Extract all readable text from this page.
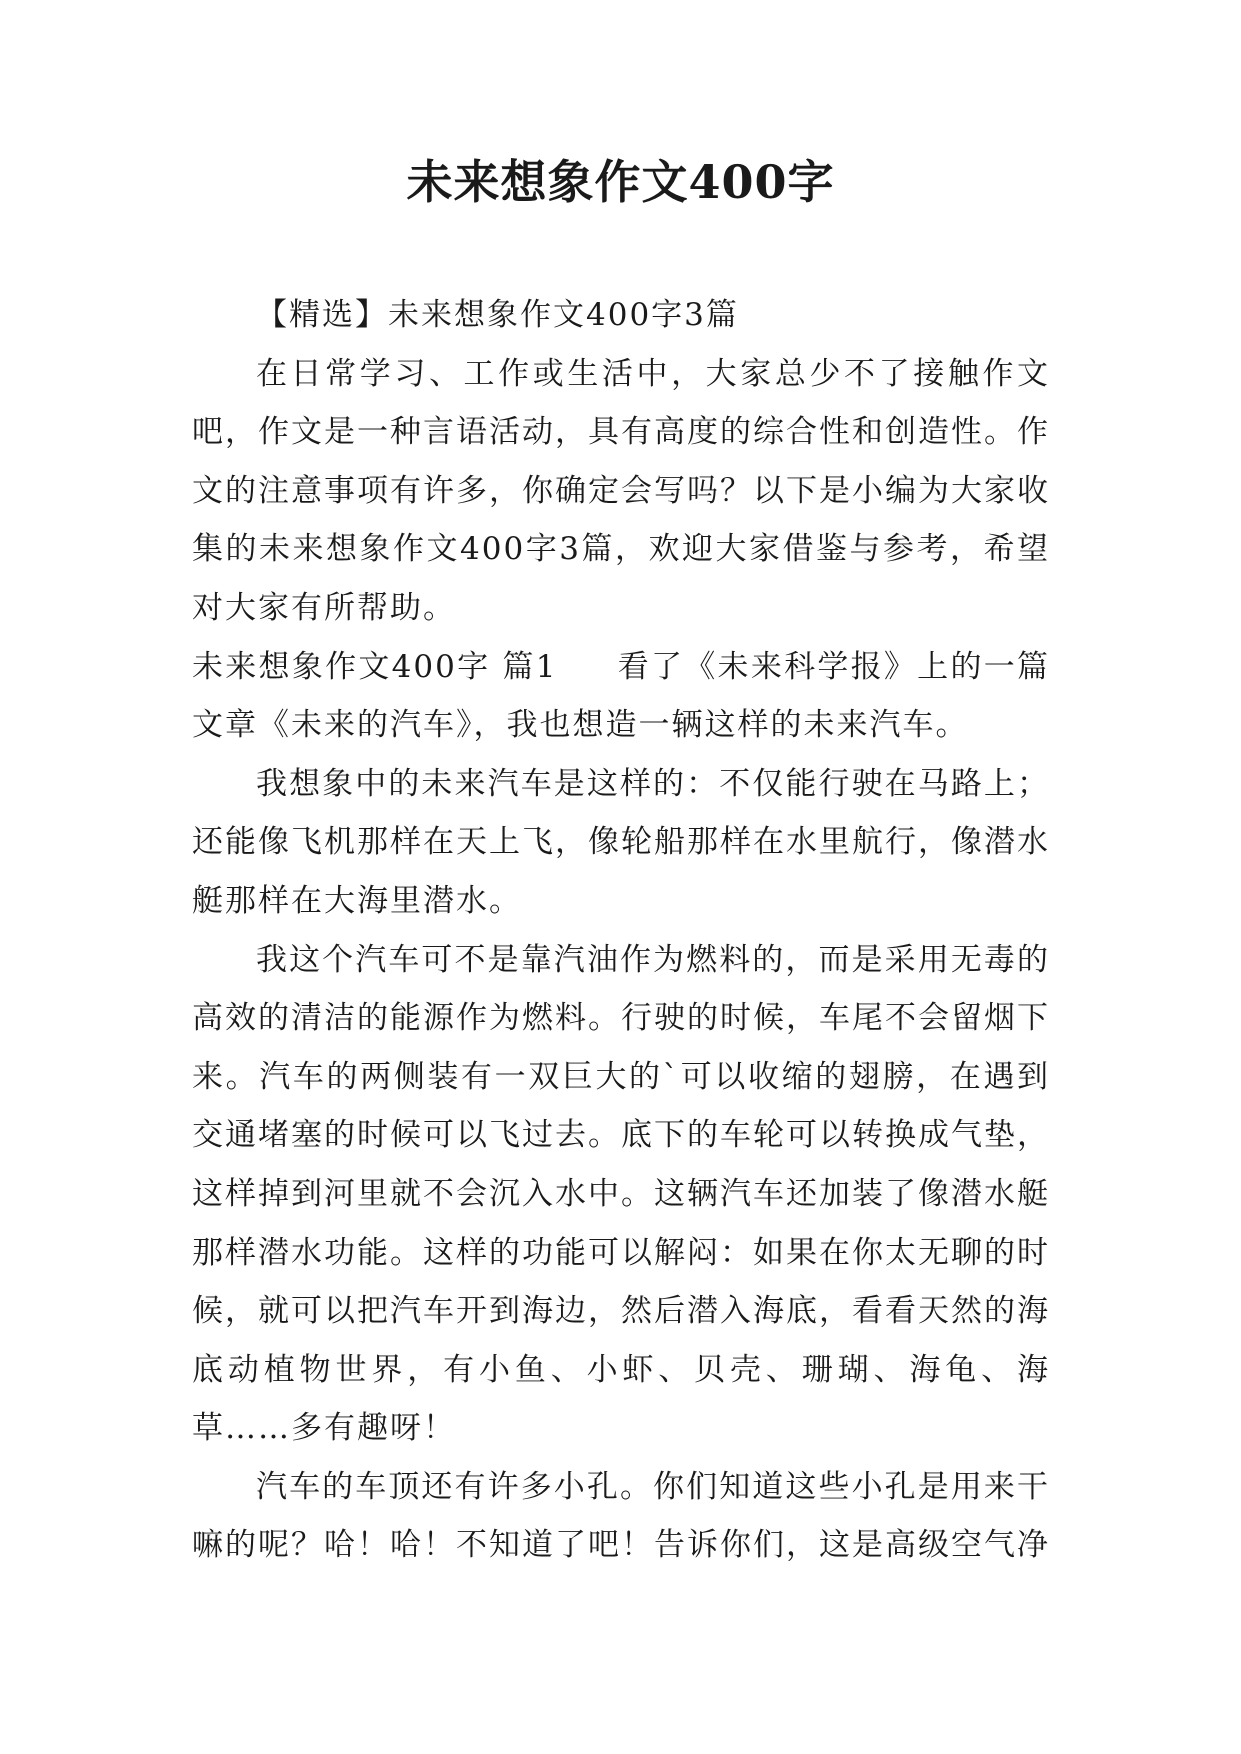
未来想象作文400字

【精选】未来想象作文400字3篇

在日常学习、工作或生活中，大家总少不了接触作文吧，作文是一种言语活动，具有高度的综合性和创造性。作文的注意事项有许多，你确定会写吗？以下是小编为大家收集的未来想象作文400字3篇，欢迎大家借鉴与参考，希望对大家有所帮助。

未来想象作文400字 篇1 看了《未来科学报》上的一篇文章《未来的汽车》，我也想造一辆这样的未来汽车。

我想象中的未来汽车是这样的：不仅能行驶在马路上；还能像飞机那样在天上飞，像轮船那样在水里航行，像潜水艇那样在大海里潜水。

我这个汽车可不是靠汽油作为燃料的，而是采用无毒的高效的清洁的能源作为燃料。行驶的时候，车尾不会留烟下来。汽车的两侧装有一双巨大的`可以收缩的翅膀，在遇到交通堵塞的时候可以飞过去。底下的车轮可以转换成气垫，这样掉到河里就不会沉入水中。这辆汽车还加装了像潜水艇那样潜水功能。这样的功能可以解闷：如果在你太无聊的时候，就可以把汽车开到海边，然后潜入海底，看看天然的海底动植物世界，有小鱼、小虾、贝壳、珊瑚、海龟、海草……多有趣呀！

汽车的车顶还有许多小孔。你们知道这些小孔是用来干嘛的呢？哈！哈！不知道了吧！告诉你们，这是高级空气净
